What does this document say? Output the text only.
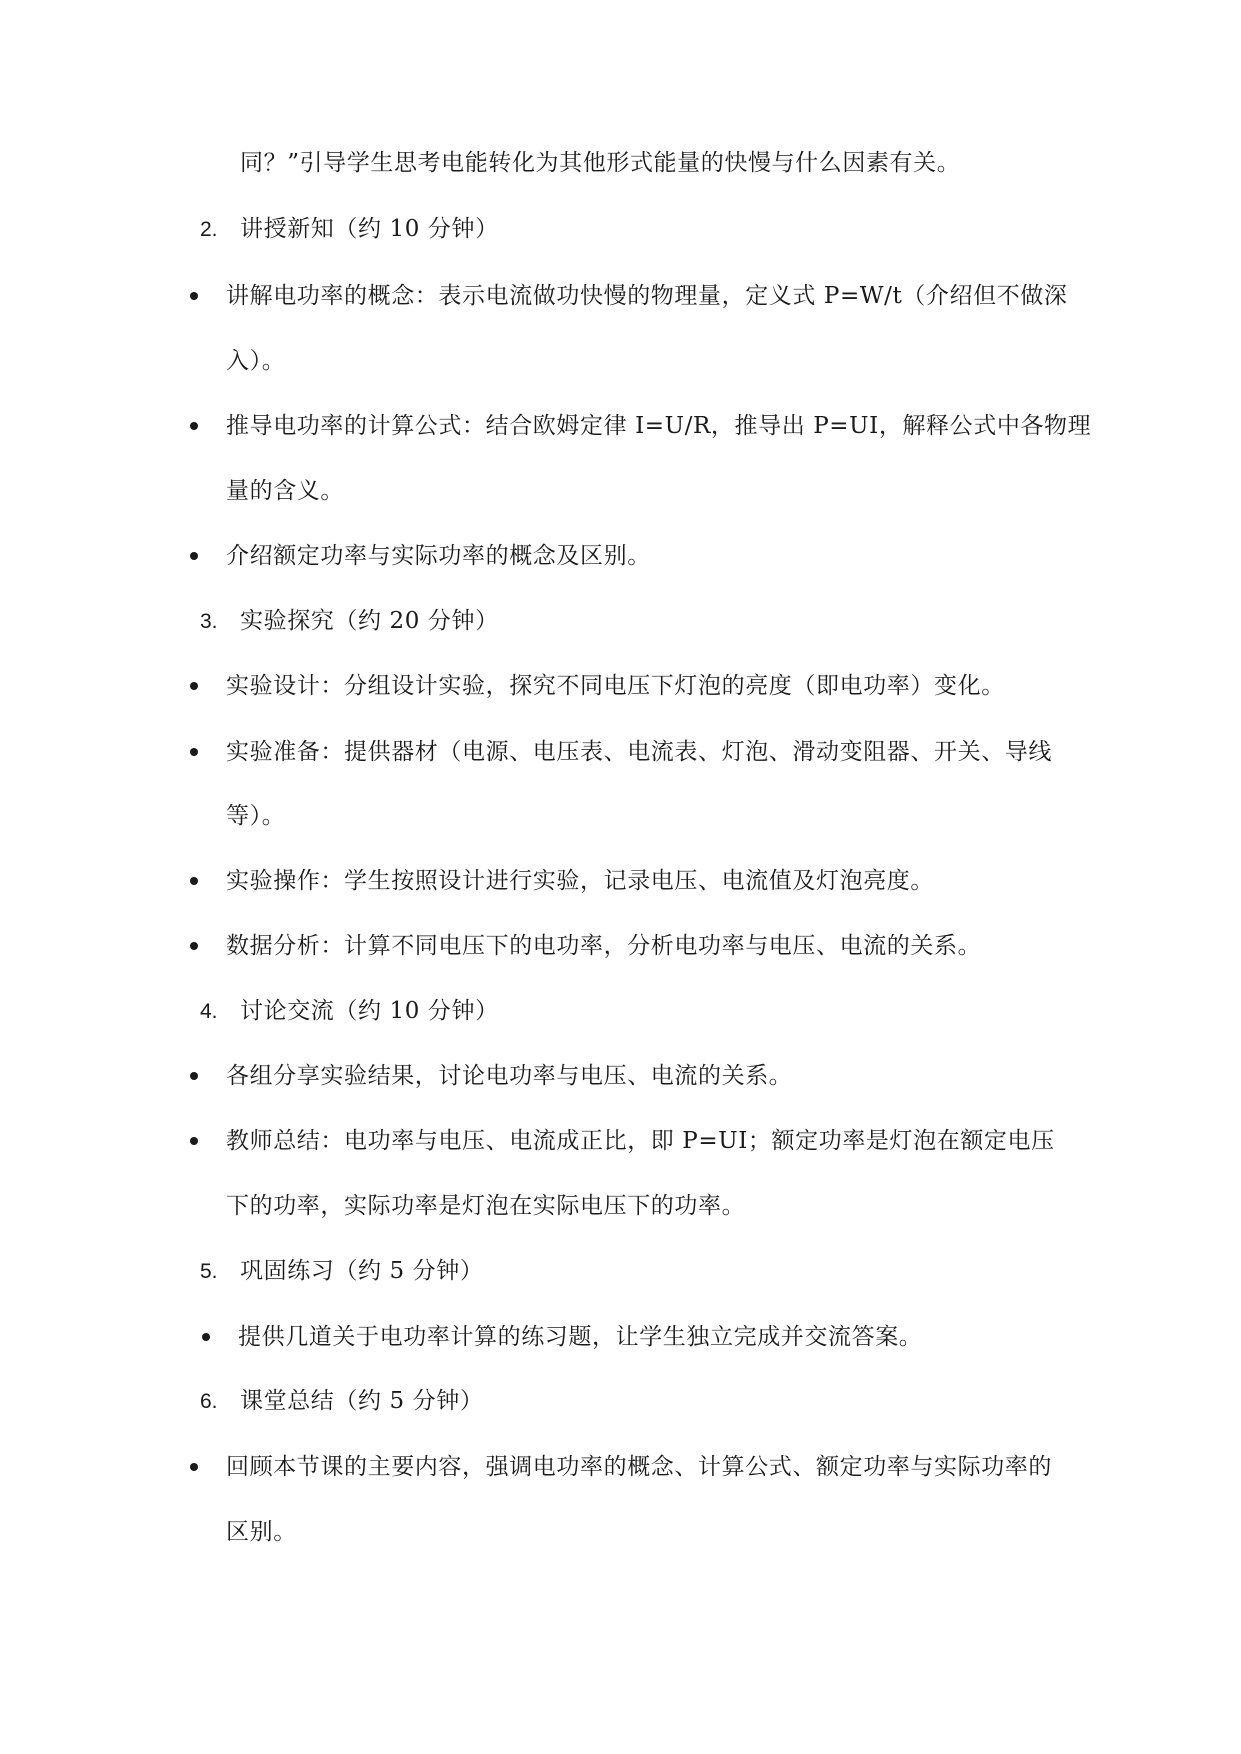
同？”引导学生思考电能转化为其他形式能量的快慢与什么因素有关。
2. 讲授新知（约 10 分钟）
讲解电功率的概念：表示电流做功快慢的物理量，定义式 P=W/t（介绍但不做深
入）。
推导电功率的计算公式：结合欧姆定律 I=U/R，推导出 P=UI，解释公式中各物理
量的含义。
介绍额定功率与实际功率的概念及区别。
3. 实验探究（约 20 分钟）
实验设计：分组设计实验，探究不同电压下灯泡的亮度（即电功率）变化。
实验准备：提供器材（电源、电压表、电流表、灯泡、滑动变阻器、开关、导线
等）。
实验操作：学生按照设计进行实验，记录电压、电流值及灯泡亮度。
数据分析：计算不同电压下的电功率，分析电功率与电压、电流的关系。
4. 讨论交流（约 10 分钟）
各组分享实验结果，讨论电功率与电压、电流的关系。
教师总结：电功率与电压、电流成正比，即 P=UI；额定功率是灯泡在额定电压
下的功率，实际功率是灯泡在实际电压下的功率。
5. 巩固练习（约 5 分钟）
提供几道关于电功率计算的练习题，让学生独立完成并交流答案。
6. 课堂总结（约 5 分钟）
回顾本节课的主要内容，强调电功率的概念、计算公式、额定功率与实际功率的
区别。
